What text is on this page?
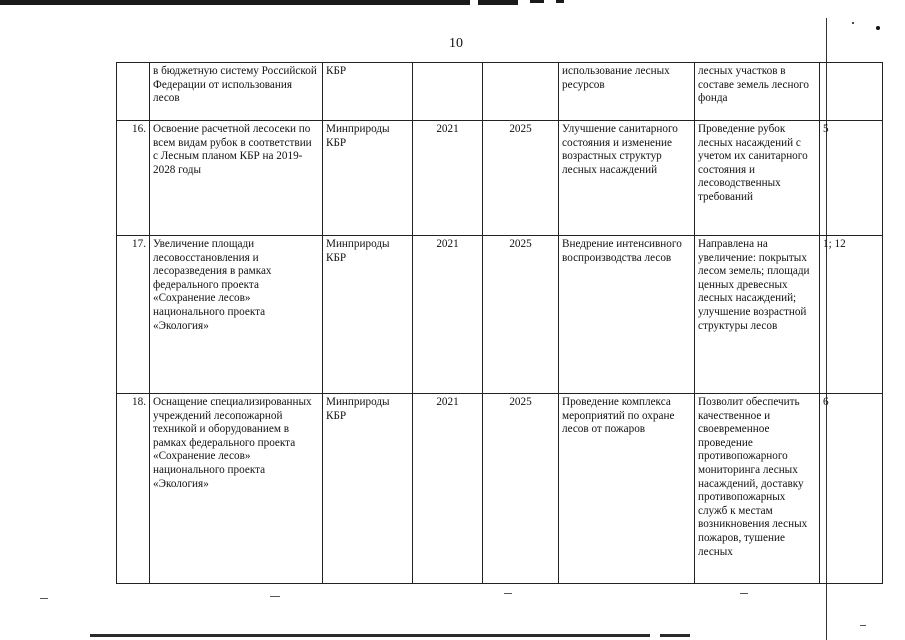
10
	в бюджетную систему Российской Федерации от использования лесов	КБР			использование лесных ресурсов	лесных участков в составе земель лесного фонда	
16.	Освоение расчетной лесосеки по всем видам рубок в соответствии с Лесным планом КБР на 2019-2028 годы	Минприроды КБР	2021	2025	Улучшение санитарного состояния и изменение возрастных структур лесных насаждений	Проведение рубок лесных насаждений с учетом их санитарного состояния и лесоводственных требований	5
17.	Увеличение площади лесовосстановления и лесоразведения в рамках федерального проекта «Сохранение лесов» национального проекта «Экология»	Минприроды КБР	2021	2025	Внедрение интенсивного воспроизводства лесов	Направлена на увеличение: покрытых лесом земель; площади ценных древесных лесных насаждений; улучшение возрастной структуры лесов	1; 12
18.	Оснащение специализированных учреждений лесопожарной техникой и оборудованием в рамках федерального проекта «Сохранение лесов» национального проекта «Экология»	Минприроды КБР	2021	2025	Проведение комплекса мероприятий по охране лесов от пожаров	Позволит обеспечить качественное и своевременное проведение противопожарного мониторинга лесных насаждений, доставку противопожарных служб к местам возникновения лесных пожаров, тушение лесных	6
